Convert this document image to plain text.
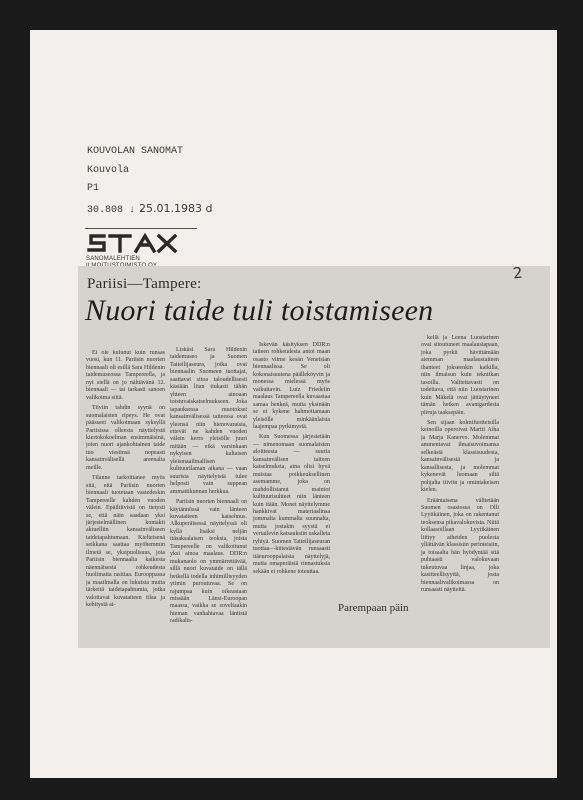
KOUVOLAN SANOMAT
Kouvola
P1
30.808 ↓ 25.01.1983 d
SANOMALEHTIEN
2
Pariisi—Tampere:
Nuori taide tuli toistamiseen

Ei ole kulunut kuin runsas vuosi, kun 11. Pariisin nuorten biennaali oli esillä Sara Hildenin taidemuseossa Tampereella, ja nyt siellä on jo nähtävänä 12. biennaali — tai tarkasti sanoen valikoima siitä.

Tiiviin tahdin syynä on suomalaisten ripeys. He ovat päässeet valikoimaan syksyllä Pariisissa olleesta näyttelystä kiertokokoelman ensimmäisinä, joten nuori ajankohtainen taide tuo viestinsä nopeasti kansainvälisellä areenalta meille.

Tilanne tarkoittanee myös sitä, että Pariisin nuorten biennaali tuotetaan vastedeskin Tampereelle kahden vuoden välein. Epäiltiivistä on tietysti se, että näin saadaan yksi järjestelmällinen kontakti aktuelliin kansainväliseen taidetapahtumaan. Kielteisenä seikkana saattaa myöhemmin ilmetä se, yksipuolisuus, jota Pariisin biennaalia kaikesta näennäisestä rohkeudesta huolimatta rasittaa. Eurooppassa ja maailmalla on lukuisia muita tärkeitä taidetapahtumia, jotka valottavat kuvataiteen tilaa ja kehitystä ai-

Liskäsi Sara Hildenin taidemuseo ja Suomen Taiteilijaseura, jotka ovat biennaalin Suomeen tuottajat, saattavat sitoa taloudellisesti käsiään liian tiukasti tähän yhteen ainoaan toistuvaiskatselmukseen. Joka tapauksessa muotokset kansainvälisessä taiteessa ovat yleensä niin hienovaraisia, ettevät ne kahden vuoden välein kerro yleisölle juuri mitään — eikä varsinkaan nykyisen kaltaisen yleismaailmallisen kulttuurilaman aikana — vaan suurista näyttelyistä tulee helposti vain suppean ammattikunnan herkkua.

Pariisin nuorten biennaali on käytännössä vain länteen kuvataiteen katselmus. Alkuperäisessä näyttelyssä oli kyllä lisäksi neljän itäsaksalaisen teoksia, joista Tampereelle on valikoitunut yksi ainoa maalaus. DDR:n mukanaolo on ymmärrettävää, sillä nuori kuvataide on tällä hetkellä todella inhimillisyyden ytimin puroutuvaa. Se on rajumpaa kuin oikeastaan missään Länsi-Euroopan maassa, vaikka se soveltaakin hieman vanhahtavaa läntistä radikalis-

Iskevän käsityksen DDR:n taiteen rohkeudesta antoi maan osasto viime kesän Venetsian biennaalissa. Se oli kokonaisuutena päälleköyvin ja monessa mielessä myös vaikuttavin. Lutz Friedelin maalaus Tampereella kuvaastaa samaa henkeä, mutta yksinään se ei kykene hahmottamaan yleisölle minkäänlaista laajempaa pyrkimystä.

Kun Suomessa järjestetään — nimenomaan suomalaisten aloitteesta — suuria kansainvälisen taiteen katselmuksia, aina olisi hyvä muistaa poikkeuksellinen asemamme, joka on mahdollistanut mainiot kulttuurisuhteet niin länteen kuin itään. Monet näyttelymme hankkivat materiaalinsa jommalta kummalta suunnalta, mutta jostakin syystä ei vertailevin katsauksiin uskalleta ryhtyä. Suomen Taiteilijaseuran tuottaa—kiitestävän runsaasti itäeurooppalaisia näyttelyjä, mutta omaperäisiä rinnastuksia sekään ei rohkene toteuttaa.

kellä ja Leena Luostarinen ovat sitoutuneet maalaustapaan, joka pyrkii hävittämään aiemman maalaustaiteen ihanteet jokseenkin kaikilla, niin ilmaisun kuin tekniikan tasoilla. Valitettavasti on todettava, että niin Luostarinen kuin Mäkelä ovat jättäytyneet tämän hetken avantgardesta piiruja taaksepäin.

Sen sijaan kolmifuotteisilla keinoilla operoivat Martti Aiha ja Marja Kanervo. Molemmat ammentavat ilmaisuvoimansa selkeästä klassisuudesta, kansainvälisestä ja kansallisesta, ja molemmat kykenevät luomaan siltä pohjalta tiiviin ja omintakeisen kielen.

Erääntaisena välitetään Suomen osastossa on Olli Lyytikäinen, joka on rakentanut teoksensa pikavalokuvista. Niitä kollaasoillaan Lyytikäinen liittyy aiheiden puolesta yllättävän klassisiin perinteisiin, ja toisaalta hän hyödyntää sitä puhtaasti valokuvaan tukeutuvaa linjaa, joka kasitteellisyyttä, josta biennaalivalikoimassa on runsaasti näytteitä.

Parempaan päin
